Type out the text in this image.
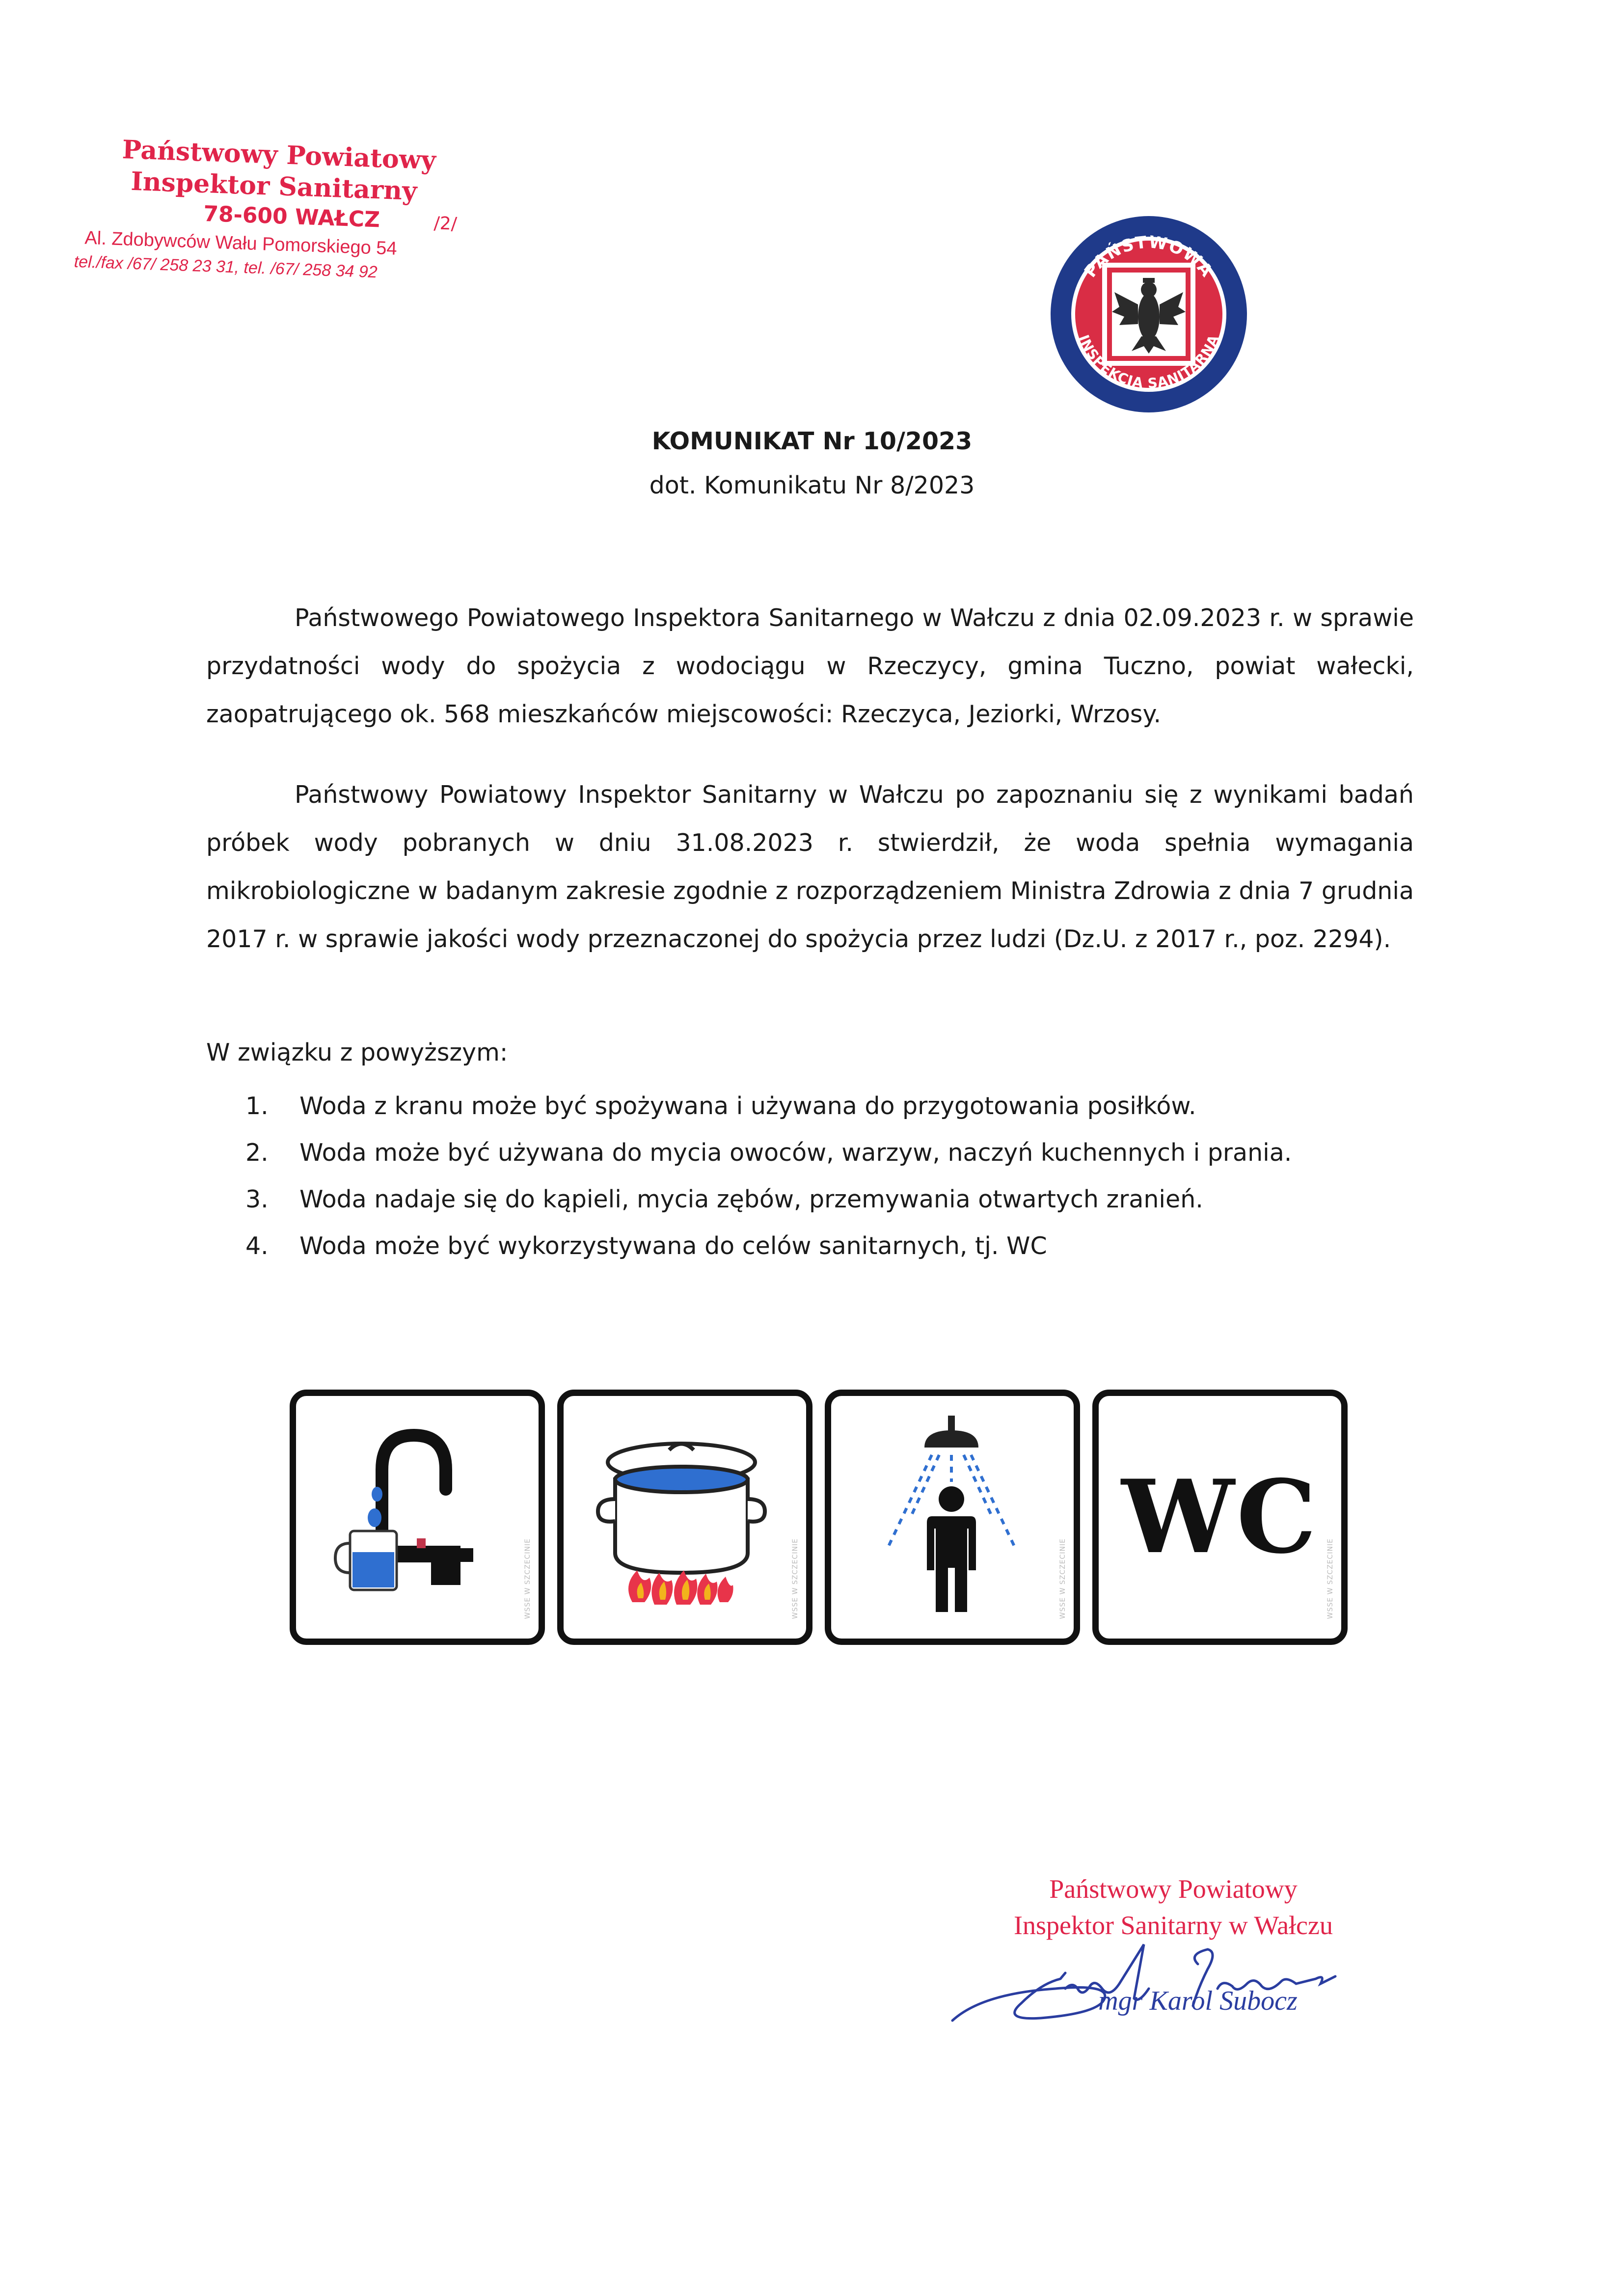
Państwowy Powiatowy
Inspektor Sanitarny
78-600 WAŁCZ	/2/
Al. Zdobywców Wału Pomorskiego 54
tel./fax /67/ 258 23 31, tel. /67/ 258 34 92	PAŃSTWOWA
INSPEKCJA SANITARNA
KOMUNIKAT Nr 10/2023
dot. Komunikatu Nr 8/2023
Państwowego Powiatowego Inspektora Sanitarnego w Wałczu z dnia 02.09.2023 r. w sprawie przydatności wody do spożycia z wodociągu w Rzeczycy, gmina Tuczno, powiat wałecki, zaopatrującego ok. 568 mieszkańców miejscowości: Rzeczyca, Jeziorki, Wrzosy.
Państwowy Powiatowy Inspektor Sanitarny w Wałczu po zapoznaniu się z wynikami badań próbek wody pobranych w dniu 31.08.2023 r. stwierdził, że woda spełnia wymagania mikrobiologiczne w badanym zakresie zgodnie z rozporządzeniem Ministra Zdrowia z dnia 7 grudnia 2017 r. w sprawie jakości wody przeznaczonej do spożycia przez ludzi (Dz.U. z 2017 r., poz. 2294).
W związku z powyższym:
1. Woda z kranu może być spożywana i używana do przygotowania posiłków.
2. Woda może być używana do mycia owoców, warzyw, naczyń kuchennych i prania.
3. Woda nadaje się do kąpieli, mycia zębów, przemywania otwartych zranień.
4. Woda może być wykorzystywana do celów sanitarnych, tj. WC
WSSE W SZCZECINIE	WSSE W SZCZECINIE	WSSE W SZCZECINIE
WC
WSSE W SZCZECINIE
Państwowy Powiatowy
Inspektor Sanitarny w Wałczu
mgr Karol Subocz
